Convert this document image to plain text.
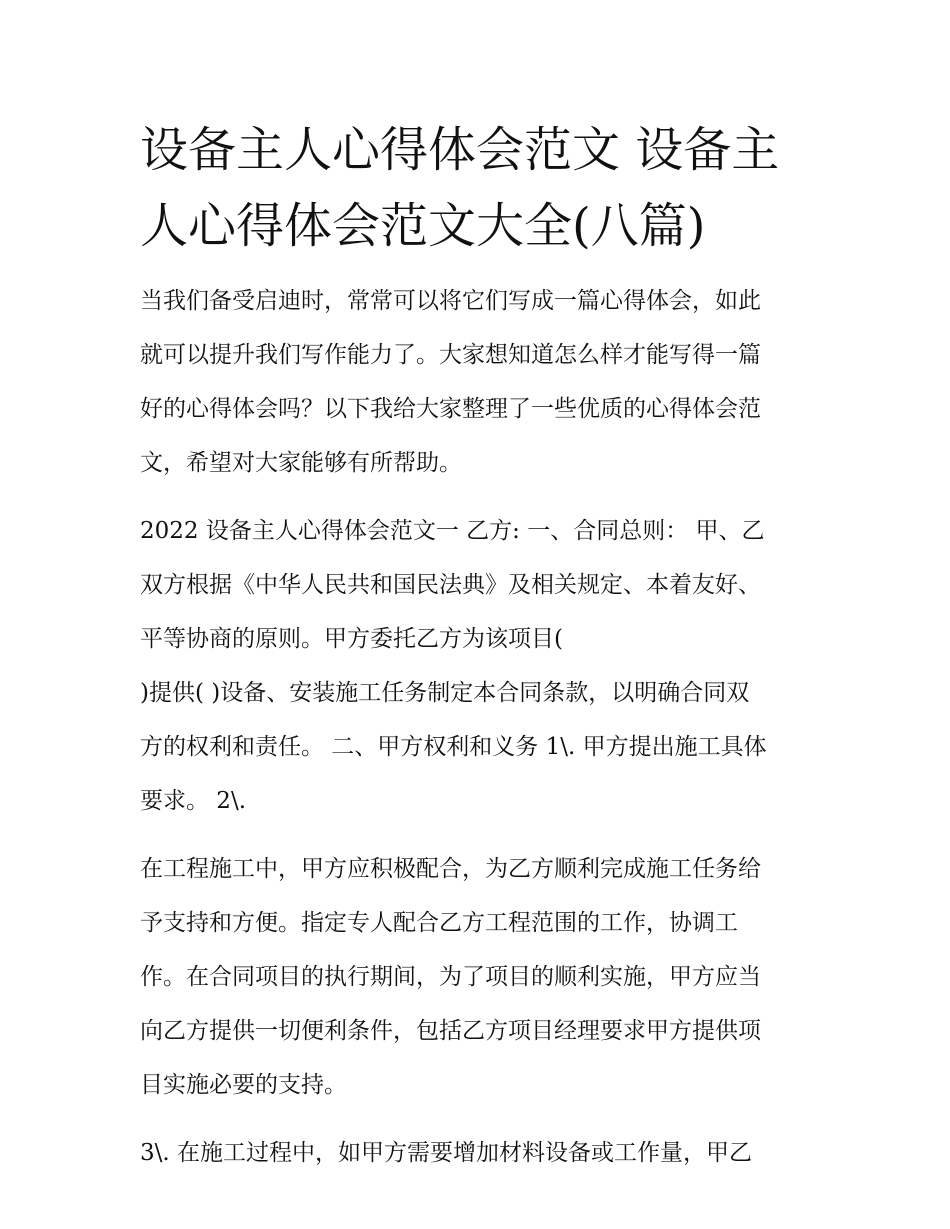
设备主人心得体会范文 设备主
人心得体会范文大全(八篇)
当我们备受启迪时，常常可以将它们写成一篇心得体会，如此
就可以提升我们写作能力了。大家想知道怎么样才能写得一篇
好的心得体会吗？以下我给大家整理了一些优质的心得体会范
文，希望对大家能够有所帮助。
2022 设备主人心得体会范文一 乙方: 一、合同总则： 甲、乙
双方根据《中华人民共和国民法典》及相关规定、本着友好、
平等协商的原则。甲方委托乙方为该项目(
)提供( )设备、安装施工任务制定本合同条款，以明确合同双
方的权利和责任。 二、甲方权利和义务 1\. 甲方提出施工具体
要求。 2\.
在工程施工中，甲方应积极配合，为乙方顺利完成施工任务给
予支持和方便。指定专人配合乙方工程范围的工作，协调工
作。在合同项目的执行期间，为了项目的顺利实施，甲方应当
向乙方提供一切便利条件，包括乙方项目经理要求甲方提供项
目实施必要的支持。
3\. 在施工过程中，如甲方需要增加材料设备或工作量，甲乙
